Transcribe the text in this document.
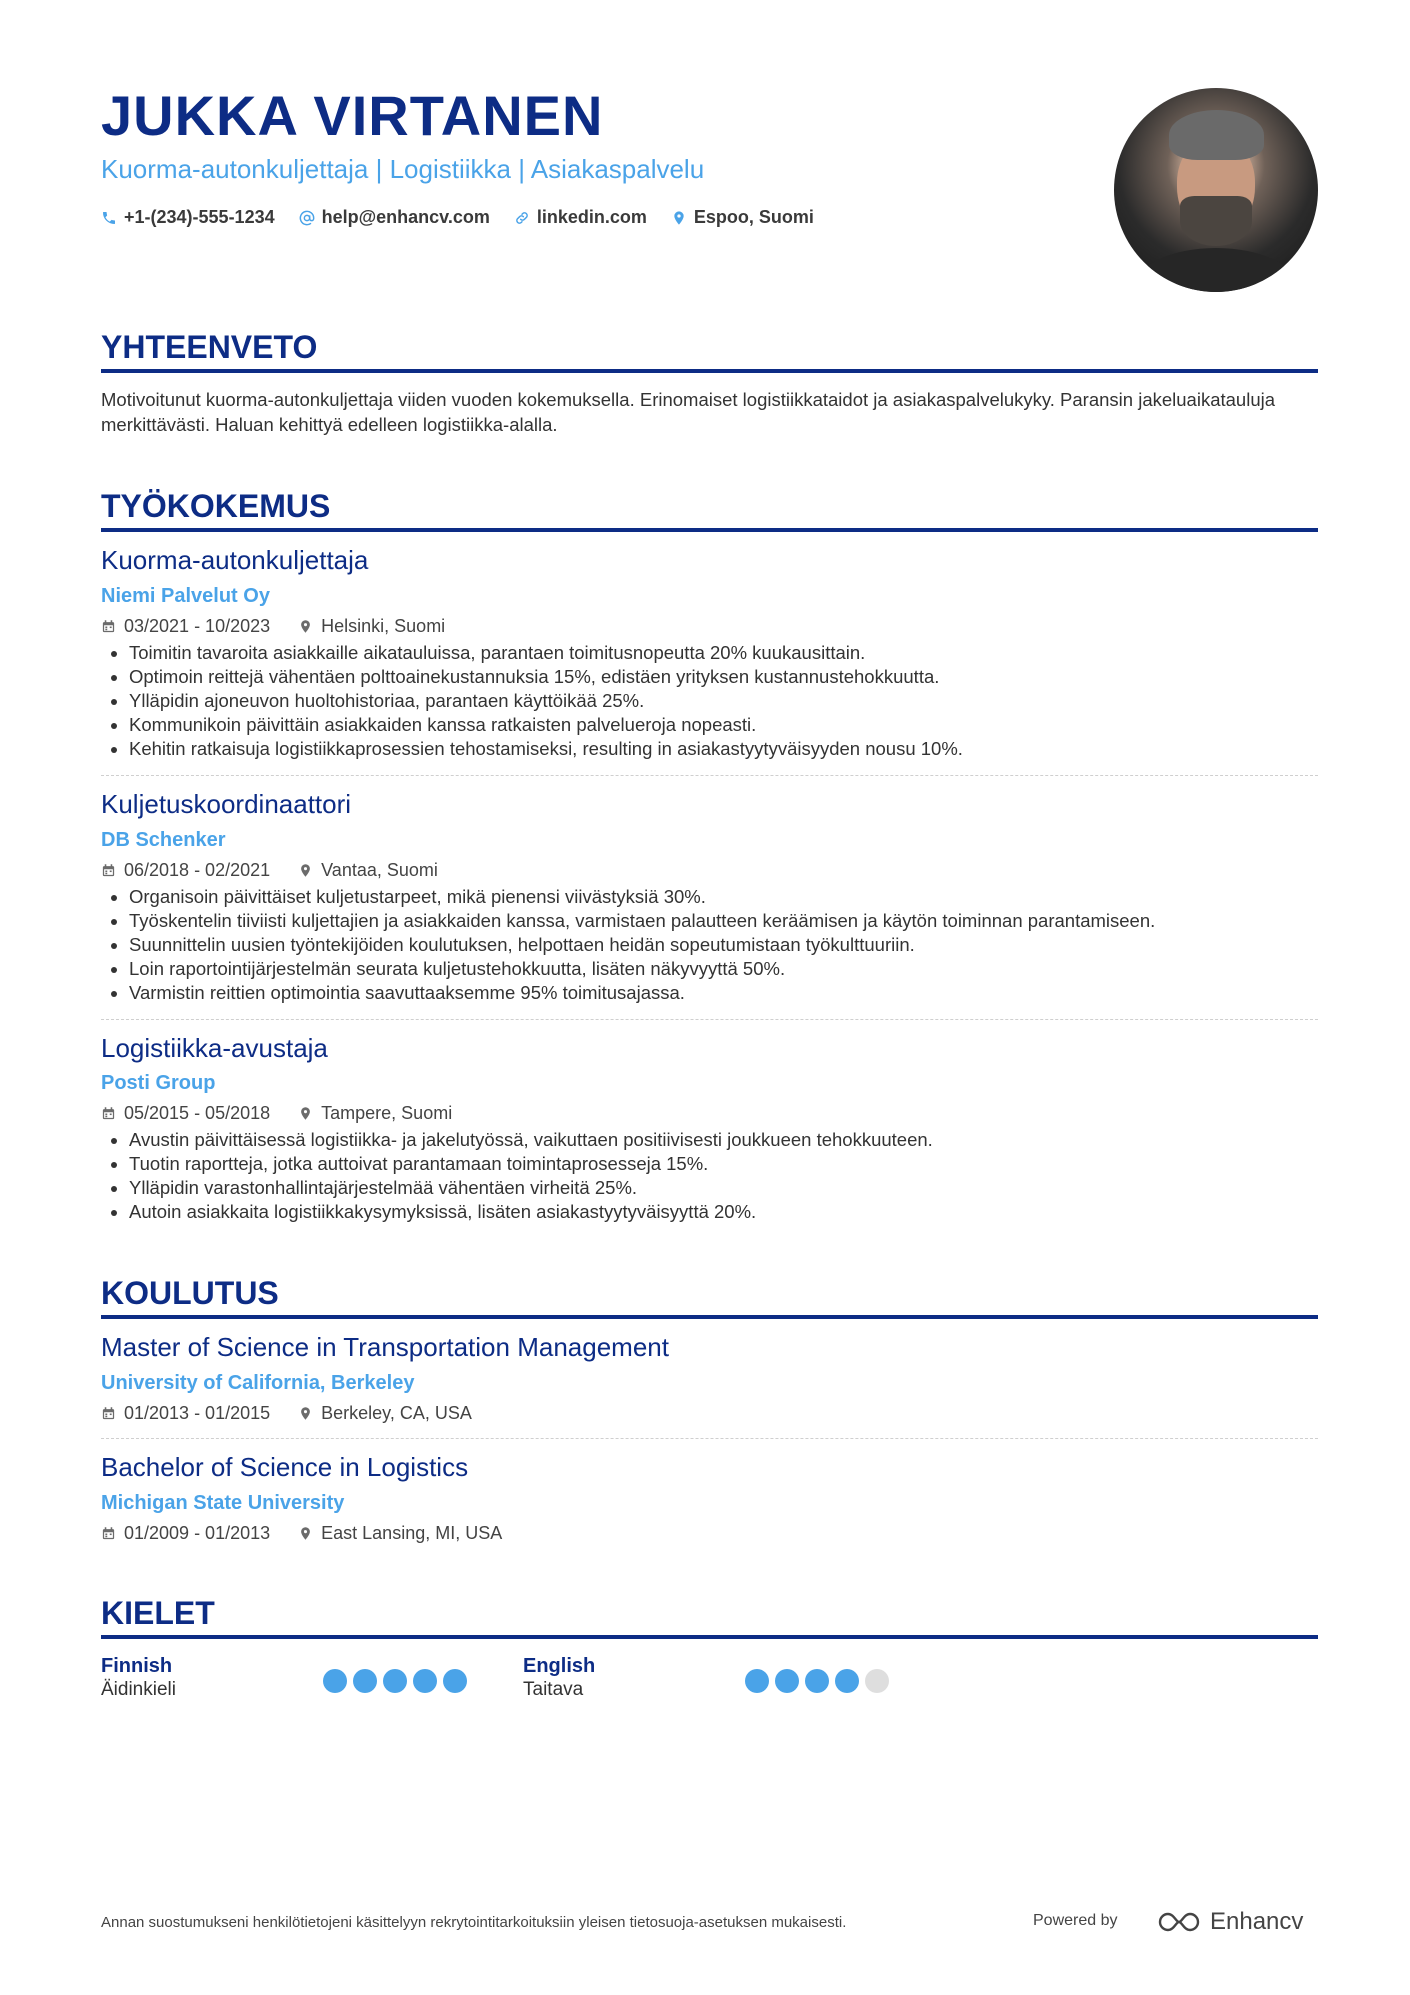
JUKKA VIRTANEN
Kuorma-autonkuljettaja | Logistiikka | Asiakaspalvelu
+1-(234)-555-1234	help@enhancv.com	linkedin.com	Espoo, Suomi
YHTEENVETO
Motivoitunut kuorma-autonkuljettaja viiden vuoden kokemuksella. Erinomaiset logistiikkataidot ja asiakaspalvelukyky. Paransin jakeluaikatauluja merkittävästi. Haluan kehittyä edelleen logistiikka-alalla.
TYÖKOKEMUS
Kuorma-autonkuljettaja
Niemi Palvelut Oy
03/2021 - 10/2023	Helsinki, Suomi
• Toimitin tavaroita asiakkaille aikatauluissa, parantaen toimitusnopeutta 20% kuukausittain.
• Optimoin reittejä vähentäen polttoainekustannuksia 15%, edistäen yrityksen kustannustehokkuutta.
• Ylläpidin ajoneuvon huoltohistoriaa, parantaen käyttöikää 25%.
• Kommunikoin päivittäin asiakkaiden kanssa ratkaisten palvelueroja nopeasti.
• Kehitin ratkaisuja logistiikkaprosessien tehostamiseksi, resulting in asiakastyytyväisyyden nousu 10%.
Kuljetuskoordinaattori
DB Schenker
06/2018 - 02/2021	Vantaa, Suomi
• Organisoin päivittäiset kuljetustarpeet, mikä pienensi viivästyksiä 30%.
• Työskentelin tiiviisti kuljettajien ja asiakkaiden kanssa, varmistaen palautteen keräämisen ja käytön toiminnan parantamiseen.
• Suunnittelin uusien työntekijöiden koulutuksen, helpottaen heidän sopeutumistaan työkulttuuriin.
• Loin raportointijärjestelmän seurata kuljetustehokkuutta, lisäten näkyvyyttä 50%.
• Varmistin reittien optimointia saavuttaaksemme 95% toimitusajassa.
Logistiikka-avustaja
Posti Group
05/2015 - 05/2018	Tampere, Suomi
• Avustin päivittäisessä logistiikka- ja jakelutyössä, vaikuttaen positiivisesti joukkueen tehokkuuteen.
• Tuotin raportteja, jotka auttoivat parantamaan toimintaprosesseja 15%.
• Ylläpidin varastonhallintajärjestelmää vähentäen virheitä 25%.
• Autoin asiakkaita logistiikkakysymyksissä, lisäten asiakastyytyväisyyttä 20%.
KOULUTUS
Master of Science in Transportation Management
University of California, Berkeley
01/2013 - 01/2015	Berkeley, CA, USA
Bachelor of Science in Logistics
Michigan State University
01/2009 - 01/2013	East Lansing, MI, USA
KIELET
Finnish
Äidinkieli
English
Taitava
Annan suostumukseni henkilötietojeni käsittelyyn rekrytointitarkoituksiin yleisen tietosuoja-asetuksen mukaisesti.	Powered by	Enhancv
